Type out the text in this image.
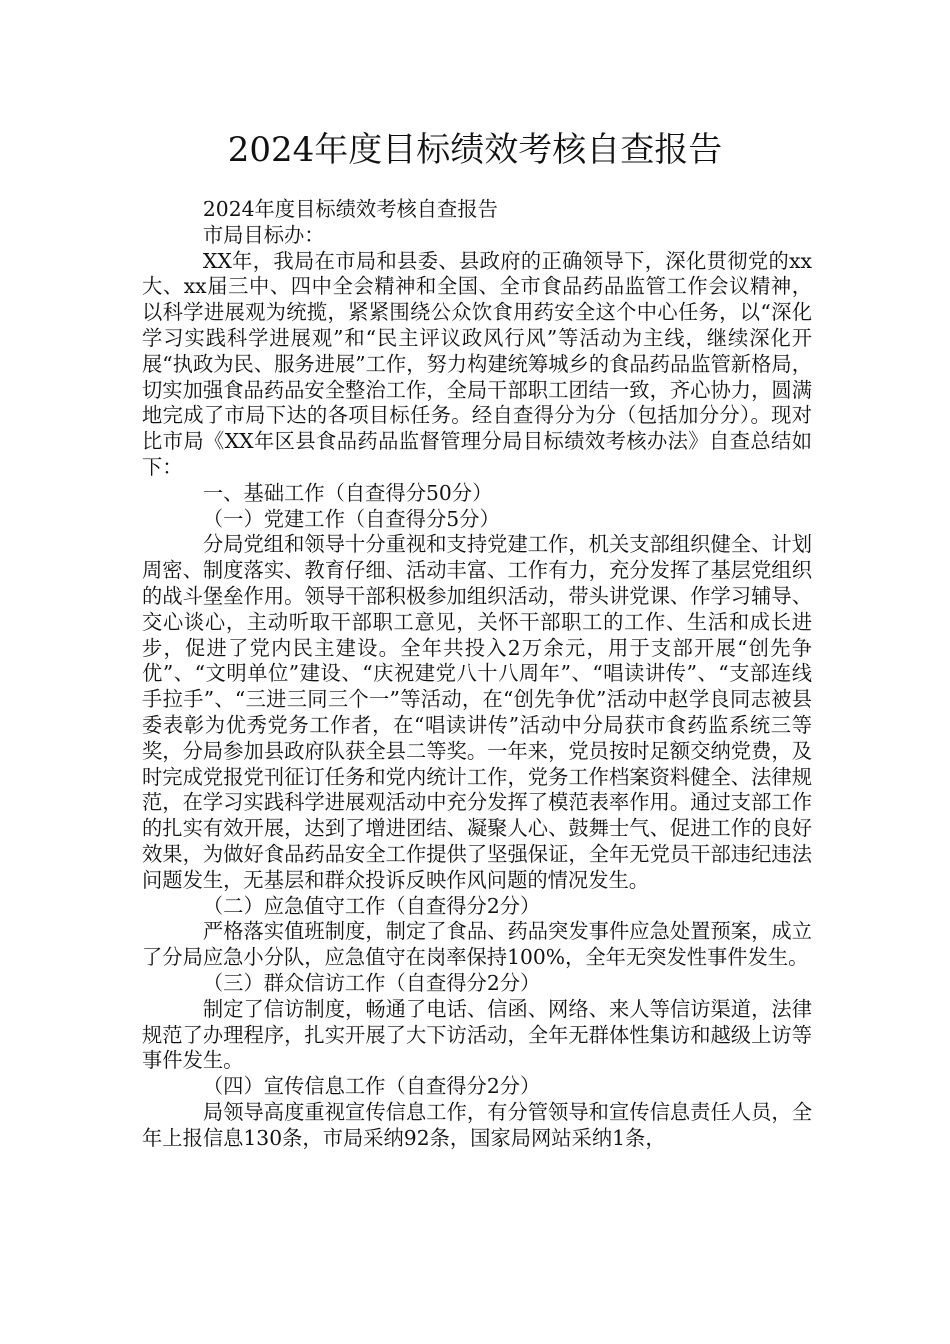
2024年度目标绩效考核自查报告

2024年度目标绩效考核自查报告

市局目标办：

XX年，我局在市局和县委、县政府的正确领导下，深化贯彻党的xx大、xx届三中、四中全会精神和全国、全市食品药品监管工作会议精神，以科学进展观为统揽，紧紧围绕公众饮食用药安全这个中心任务，以“深化学习实践科学进展观”和“民主评议政风行风”等活动为主线，继续深化开展“执政为民、服务进展”工作，努力构建统筹城乡的食品药品监管新格局，切实加强食品药品安全整治工作，全局干部职工团结一致，齐心协力，圆满地完成了市局下达的各项目标任务。经自查得分为分（包括加分分）。现对比市局《XX年区县食品药品监督管理分局目标绩效考核办法》自查总结如下：

一、基础工作（自查得分50分）

（一）党建工作（自查得分5分）

分局党组和领导十分重视和支持党建工作，机关支部组织健全、计划周密、制度落实、教育仔细、活动丰富、工作有力，充分发挥了基层党组织的战斗堡垒作用。领导干部积极参加组织活动，带头讲党课、作学习辅导、交心谈心，主动听取干部职工意见，关怀干部职工的工作、生活和成长进步，促进了党内民主建设。全年共投入2万余元，用于支部开展“创先争优”、“文明单位”建设、“庆祝建党八十八周年”、“唱读讲传”、“支部连线手拉手”、“三进三同三个一”等活动，在“创先争优”活动中赵学良同志被县委表彰为优秀党务工作者，在“唱读讲传”活动中分局获市食药监系统三等奖，分局参加县政府队获全县二等奖。一年来，党员按时足额交纳党费，及时完成党报党刊征订任务和党内统计工作，党务工作档案资料健全、法律规范，在学习实践科学进展观活动中充分发挥了模范表率作用。通过支部工作的扎实有效开展，达到了增进团结、凝聚人心、鼓舞士气、促进工作的良好效果，为做好食品药品安全工作提供了坚强保证，全年无党员干部违纪违法问题发生，无基层和群众投诉反映作风问题的情况发生。

（二）应急值守工作（自查得分2分）

严格落实值班制度，制定了食品、药品突发事件应急处置预案，成立了分局应急小分队，应急值守在岗率保持100%，全年无突发性事件发生。

（三）群众信访工作（自查得分2分）

制定了信访制度，畅通了电话、信函、网络、来人等信访渠道，法律规范了办理程序，扎实开展了大下访活动，全年无群体性集访和越级上访等事件发生。

（四）宣传信息工作（自查得分2分）

局领导高度重视宣传信息工作，有分管领导和宣传信息责任人员，全年上报信息130条，市局采纳92条，国家局网站采纳1条，
